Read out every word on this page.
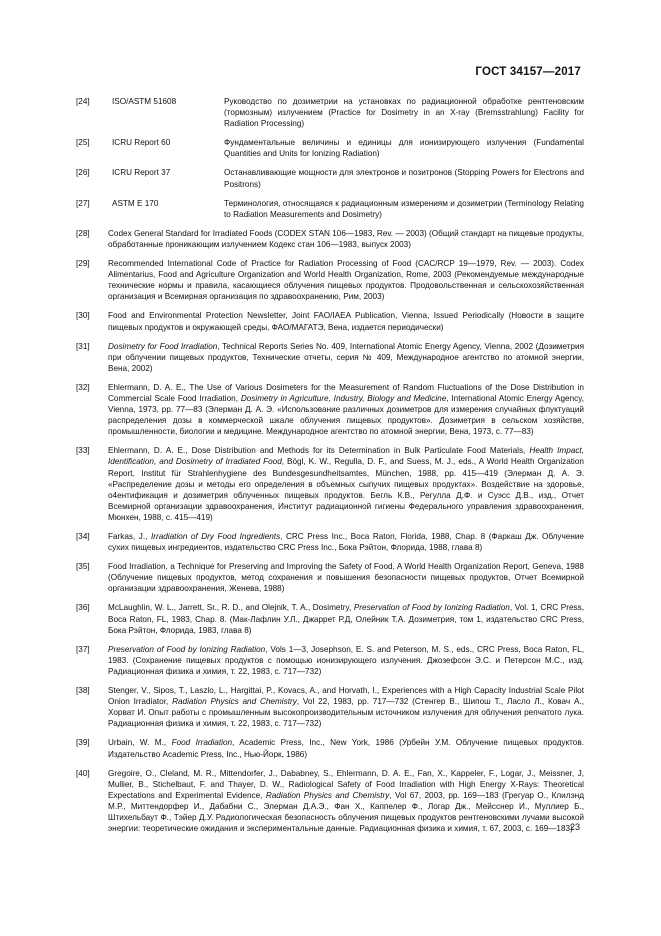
ГОСТ 34157—2017
[24]	ISO/ASTM 51608	Руководство по дозиметрии на установках по радиационной обработке рентгеновским (тормозным) излучением (Practice for Dosimetry in an X-ray (Bremsstrahlung) Facility for Radiation Processing)
[25]	ICRU Report 60	Фундаментальные величины и единицы для ионизирующего излучения (Fundamental Quantities and Units for Ionizing Radiation)
[26]	ICRU Report 37	Останавливающие мощности для электронов и позитронов (Stopping Powers for Electrons and Positrons)
[27]	ASTM E 170	Терминология, относящаяся к радиационным измерениям и дозиметрии (Terminology Relating to Radiation Measurements and Dosimetry)
[28]	Codex General Standard for Irradiated Foods (CODEX STAN 106—1983, Rev. — 2003) (Общий стандарт на пищевые продукты, обработанные проникающим излучением Кодекс стан 106—1983, выпуск 2003)
[29]	Recommended International Code of Practice for Radiation Processing of Food (CAC/RCP 19—1979, Rev. — 2003). Codex Alimentarius, Food and Agriculture Organization and World Health Organization, Rome, 2003 (Рекомендуемые международные технические нормы и правила, касающиеся облучения пищевых продуктов. Продовольственная и сельскохозяйственная организация и Всемирная организация по здравоохранению, Рим, 2003)
[30]	Food and Environmental Protection Newsletter, Joint FAO/IAEA Publication, Vienna, Issued Periodically (Новости в защите пищевых продуктов и окружающей среды, ФАО/МАГАТЭ, Вена, издается периодически)
[31]	Dosimetry for Food Irradiation, Technical Reports Series No. 409, International Atomic Energy Agency, Vienna, 2002 (Дозиметрия при облучении пищевых продуктов, Технические отчеты, серия № 409, Международное агентство по атомной энергии, Вена, 2002)
[32]	Ehlermann, D. A. E., The Use of Various Dosimeters for the Measurement of Random Fluctuations of the Dose Distribution in Commercial Scale Food Irradiation, Dosimetry in Agriculture, Industry, Biology and Medicine, International Atomic Energy Agency, Vienna, 1973, pp. 77—83 (Элерман Д. А. Э. «Использование различных дозиметров для измерения случайных флуктуаций распределения дозы в коммерческой шкале облучения пищевых продуктов». Дозиметрия в сельском хозяйстве, промышленности, биологии и медицине. Международное агентство по атомной энергии, Вена, 1973, с. 77—83)
[33]	Ehlermann, D. A. E., Dose Distribution and Methods for its Determination in Bulk Particulate Food Materials, Health Impact, Identification, and Dosimetry of Irradiated Food, Bögl, K. W., Regulla, D. F., and Suess, M. J., eds., A World Health Organization Report, Institut für Strahlenhygiene des Bundesgesundheitsamtes, München, 1988, pp. 415—419 (Элерман Д. А. Э. «Распределение дозы и методы его определения в объемных сыпучих пищевых продуктах». Воздействие на здоровье, о4ентификация и дозиметрия облученных пищевых продуктов. Бегль К.В., Регулла Д.Ф. и Суэсс Д.В., изд., Отчет Всемирной организации здравоохранения, Институт радиационной гигиены Федерального управления здравоохранения, Мюнхен, 1988, с. 415—419)
[34]	Farkas, J., Irradiation of Dry Food Ingredients, CRC Press Inc., Boca Raton, Florida, 1988, Chap. 8 (Фаркаш Дж. Облучение сухих пищевых ингредиентов, издательство CRC Press Inc., Бока Рэйтон, Флорида, 1988, глава 8)
[35]	Food Irradiation, a Technique for Preserving and Improving the Safety of Food, A World Health Organization Report, Geneva, 1988 (Облучение пищевых продуктов, метод сохранения и повышения безопасности пищевых продуктов, Отчет Всемирной организации здравоохранения, Женева, 1988)
[36]	McLaughlin, W. L., Jarrett, Sr., R. D., and Olejnik, T. A., Dosimetry, Preservation of Food by Ionizing Radiation, Vol. 1, CRC Press, Boca Raton, FL, 1983, Chap. 8. (Мак-Лафлин У.Л., Джаррет Р.Д, Олейник Т.А. Дозиметрия, том 1, издательство CRC Press, Бока Рэйтон, Флорида, 1983, глава 8)
[37]	Preservation of Food by Ionizing Radiation, Vols 1—3, Josephson, E. S. and Peterson, M. S., eds., CRC Press, Boca Raton, FL, 1983. (Сохранение пищевых продуктов с помощью ионизирующего излучения. Джозефсон Э.С. и Петерсон М.С., изд. Радиационная физика и химия, т. 22, 1983, с. 717—732)
[38]	Stenger, V., Sipos, T., Laszlo, L., Hargittai, P., Kovacs, A., and Horvath, I., Experiences with a High Capacity Industrial Scale Pilot Onion Irradiator, Radiation Physics and Chemistry, Vol 22, 1983, pp. 717—732 (Стенгер В., Шипош Т., Ласло Л., Ковач А., Хорват И. Опыт работы с промышленным высокопроизводительным источником излучения для облучения репчатого лука. Радиационная физика и химия, т. 22, 1983, с. 717—732)
[39]	Urbain, W. M., Food Irradiation, Academic Press, Inc., New York, 1986 (Урбейн У.М. Облучение пищевых продуктов. Издательство Academic Press, Inc., Нью-Йорк, 1986)
[40]	Gregoire, O., Cleland, M. R., Mittendorfer, J., Dababney, S., Ehlermann, D. A. E., Fan, X., Kappeler, F., Logar, J., Meissner, J, Mullier, B., Stichelbaut, F. and Thayer, D. W., Radiological Safety of Food Irradiation with High Energy X-Rays: Theoretical Expectations and Experimental Evidence, Radiation Physics and Chemistry, Vol 67, 2003, pp. 169—183 (Грегуар О., Клилэнд М.Р., Миттендорфер И., Дабабни С., Элерман Д.А.Э., Фан Х., Каппелер Ф., Логар Дж., Мейсснер И., Муллиер Б., Штихельбаут Ф., Тэйер Д.У. Радиологическая безопасность облучения пищевых продуктов рентгеновскими лучами высокой энергии: теоретические ожидания и экспериментальные данные. Радиационная физика и химия, т. 67, 2003, с. 169—183)
23
